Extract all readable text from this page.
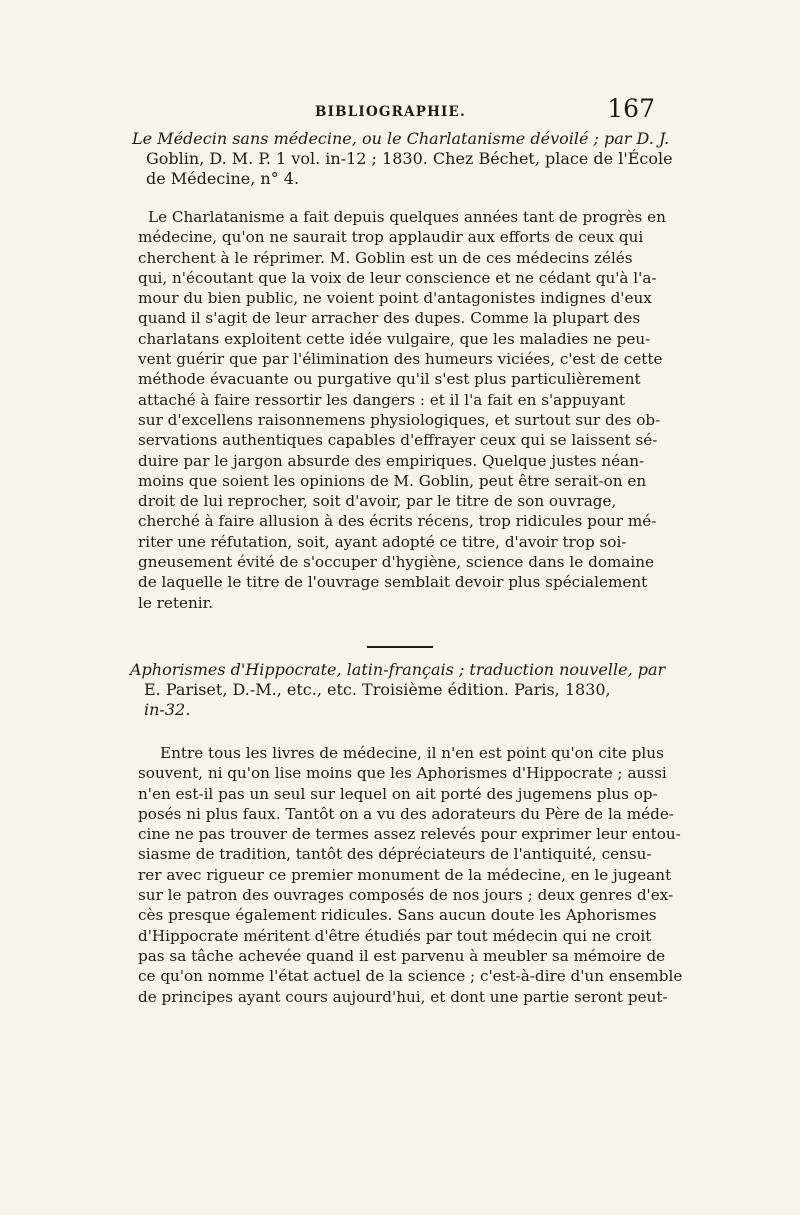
BIBLIOGRAPHIE.	167
Le Médecin sans médecine, ou le Charlatanisme dévoilé ; par D. J.
Goblin, D. M. P. 1 vol. in-12 ; 1830. Chez Béchet, place de l'École
de Médecine, n° 4.
Le Charlatanisme a fait depuis quelques années tant de progrès en
médecine, qu'on ne saurait trop applaudir aux efforts de ceux qui
cherchent à le réprimer. M. Goblin est un de ces médecins zélés
qui, n'écoutant que la voix de leur conscience et ne cédant qu'à l'a-
mour du bien public, ne voient point d'antagonistes indignes d'eux
quand il s'agit de leur arracher des dupes. Comme la plupart des
charlatans exploitent cette idée vulgaire, que les maladies ne peu-
vent guérir que par l'élimination des humeurs viciées, c'est de cette
méthode évacuante ou purgative qu'il s'est plus particulièrement
attaché à faire ressortir les dangers : et il l'a fait en s'appuyant
sur d'excellens raisonnemens physiologiques, et surtout sur des ob-
servations authentiques capables d'effrayer ceux qui se laissent sé-
duire par le jargon absurde des empiriques. Quelque justes néan-
moins que soient les opinions de M. Goblin, peut être serait-on en
droit de lui reprocher, soit d'avoir, par le titre de son ouvrage,
cherché à faire allusion à des écrits récens, trop ridicules pour mé-
riter une réfutation, soit, ayant adopté ce titre, d'avoir trop soi-
gneusement évité de s'occuper d'hygiène, science dans le domaine
de laquelle le titre de l'ouvrage semblait devoir plus spécialement
le retenir.
Aphorismes d'Hippocrate, latin-français ; traduction nouvelle, par
E. Pariset, D.-M., etc., etc. Troisième édition. Paris, 1830,
in-32.
Entre tous les livres de médecine, il n'en est point qu'on cite plus
souvent, ni qu'on lise moins que les Aphorismes d'Hippocrate ; aussi
n'en est-il pas un seul sur lequel on ait porté des jugemens plus op-
posés ni plus faux. Tantôt on a vu des adorateurs du Père de la méde-
cine ne pas trouver de termes assez relevés pour exprimer leur entou-
siasme de tradition, tantôt des dépréciateurs de l'antiquité, censu-
rer avec rigueur ce premier monument de la médecine, en le jugeant
sur le patron des ouvrages composés de nos jours ; deux genres d'ex-
cès presque également ridicules. Sans aucun doute les Aphorismes
d'Hippocrate méritent d'être étudiés par tout médecin qui ne croit
pas sa tâche achevée quand il est parvenu à meubler sa mémoire de
ce qu'on nomme l'état actuel de la science ; c'est-à-dire d'un ensemble
de principes ayant cours aujourd'hui, et dont une partie seront peut-
